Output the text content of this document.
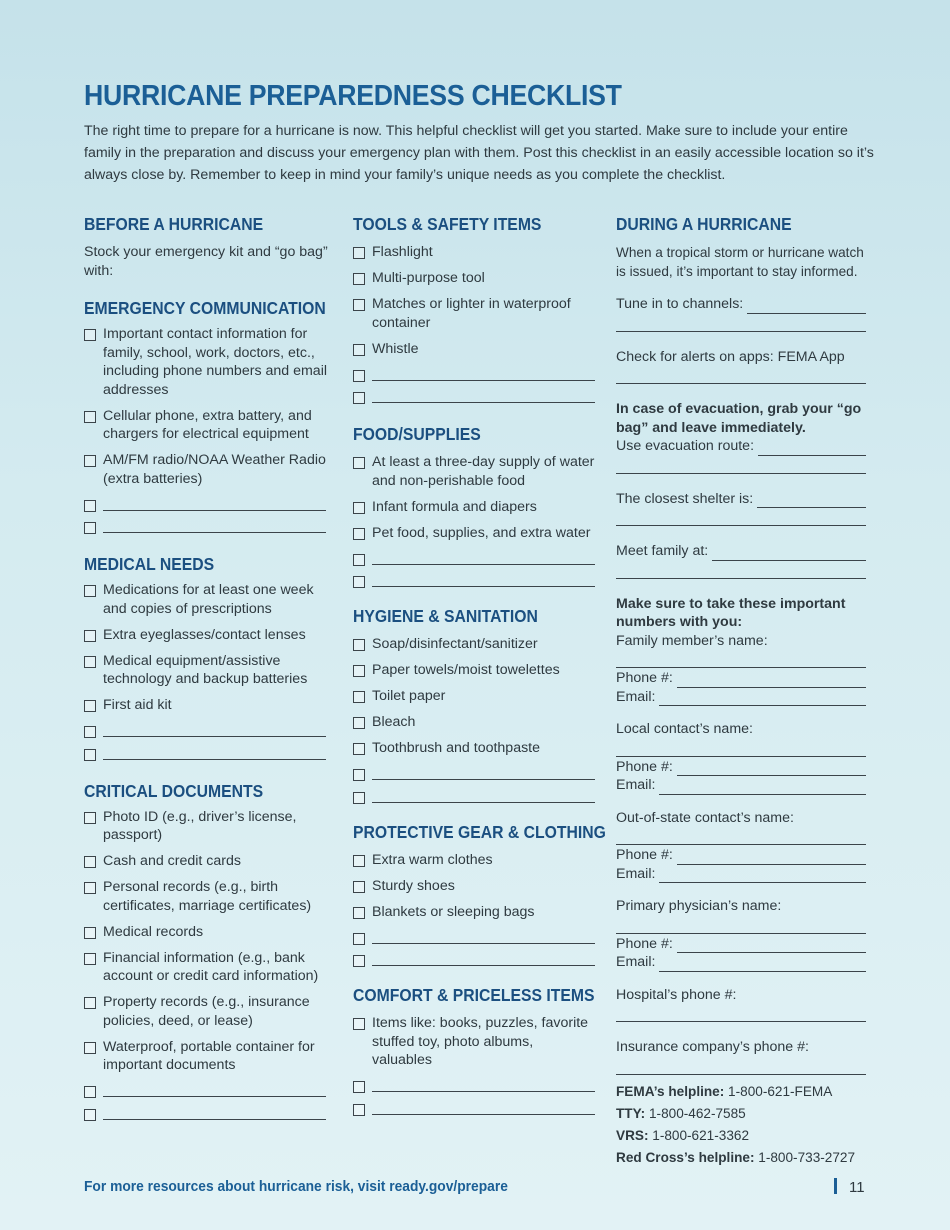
HURRICANE PREPAREDNESS CHECKLIST

The right time to prepare for a hurricane is now. This helpful checklist will get you started. Make sure to include your entire family in the preparation and discuss your emergency plan with them. Post this checklist in an easily accessible location so it’s always close by. Remember to keep in mind your family’s unique needs as you complete the checklist.

BEFORE A HURRICANE

Stock your emergency kit and “go bag” with:

EMERGENCY COMMUNICATION
Important contact information for family, school, work, doctors, etc., including phone numbers and email addresses
Cellular phone, extra battery, and chargers for electrical equipment
AM/FM radio/NOAA Weather Radio (extra batteries)
MEDICAL NEEDS
Medications for at least one week and copies of prescriptions
Extra eyeglasses/contact lenses
Medical equipment/assistive technology and backup batteries
First aid kit
CRITICAL DOCUMENTS
Photo ID (e.g., driver’s license, passport)
Cash and credit cards
Personal records (e.g., birth certificates, marriage certificates)
Medical records
Financial information (e.g., bank account or credit card information)
Property records (e.g., insurance policies, deed, or lease)
Waterproof, portable container for important documents
TOOLS & SAFETY ITEMS
Flashlight
Multi-purpose tool
Matches or lighter in waterproof container
Whistle
FOOD/SUPPLIES
At least a three-day supply of water and non-perishable food
Infant formula and diapers
Pet food, supplies, and extra water
HYGIENE & SANITATION
Soap/disinfectant/sanitizer
Paper towels/moist towelettes
Toilet paper
Bleach
Toothbrush and toothpaste
PROTECTIVE GEAR & CLOTHING
Extra warm clothes
Sturdy shoes
Blankets or sleeping bags
COMFORT & PRICELESS ITEMS
Items like: books, puzzles, favorite stuffed toy, photo albums, valuables
DURING A HURRICANE

When a tropical storm or hurricane watch is issued, it’s important to stay informed.

Tune in to channels:
Check for alerts on apps: FEMA App
In case of evacuation, grab your “go bag” and leave immediately.
Use evacuation route:
The closest shelter is:
Meet family at:
Make sure to take these important numbers with you:
Family member’s name:
Phone #:
Email:
Local contact’s name:
Phone #:
Email:
Out-of-state contact’s name:
Phone #:
Email:
Primary physician’s name:
Phone #:
Email:
Hospital’s phone #:
Insurance company’s phone #:
FEMA’s helpline: 1-800-621-FEMA
TTY: 1-800-462-7585
VRS: 1-800-621-3362
Red Cross’s helpline: 1-800-733-2727
For more resources about hurricane risk, visit ready.gov/prepare	11
